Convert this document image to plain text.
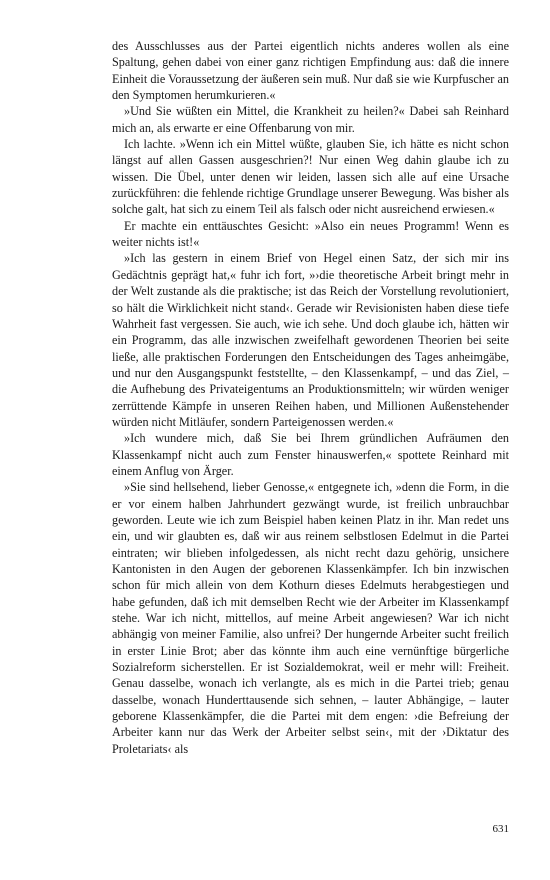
des Ausschlusses aus der Partei eigentlich nichts anderes wollen als eine Spaltung, gehen dabei von einer ganz richtigen Empfindung aus: daß die innere Einheit die Voraussetzung der äußeren sein muß. Nur daß sie wie Kurpfuscher an den Symptomen herumkurieren.«

»Und Sie wüßten ein Mittel, die Krankheit zu heilen?« Dabei sah Reinhard mich an, als erwarte er eine Offenbarung von mir.

Ich lachte. »Wenn ich ein Mittel wüßte, glauben Sie, ich hätte es nicht schon längst auf allen Gassen ausgeschrien?! Nur einen Weg dahin glaube ich zu wissen. Die Übel, unter denen wir leiden, lassen sich alle auf eine Ursache zurückführen: die fehlende richtige Grundlage unserer Bewegung. Was bisher als solche galt, hat sich zu einem Teil als falsch oder nicht ausreichend erwiesen.«

Er machte ein enttäuschtes Gesicht: »Also ein neues Programm! Wenn es weiter nichts ist!«

»Ich las gestern in einem Brief von Hegel einen Satz, der sich mir ins Gedächtnis geprägt hat,« fuhr ich fort, »›die theoretische Arbeit bringt mehr in der Welt zustande als die praktische; ist das Reich der Vorstellung revolutioniert, so hält die Wirklichkeit nicht stand‹. Gerade wir Revisionisten haben diese tiefe Wahrheit fast vergessen. Sie auch, wie ich sehe. Und doch glaube ich, hätten wir ein Programm, das alle inzwischen zweifelhaft gewordenen Theorien bei seite ließe, alle praktischen Forderungen den Entscheidungen des Tages anheimgäbe, und nur den Ausgangspunkt feststellte, – den Klassenkampf, – und das Ziel, – die Aufhebung des Privateigentums an Produktionsmitteln; wir würden weniger zerrüttende Kämpfe in unseren Reihen haben, und Millionen Außenstehender würden nicht Mitläufer, sondern Parteigenossen werden.«

»Ich wundere mich, daß Sie bei Ihrem gründlichen Aufräumen den Klassenkampf nicht auch zum Fenster hinauswerfen,« spottete Reinhard mit einem Anflug von Ärger.

»Sie sind hellsehend, lieber Genosse,« entgegnete ich, »denn die Form, in die er vor einem halben Jahrhundert gezwängt wurde, ist freilich unbrauchbar geworden. Leute wie ich zum Beispiel haben keinen Platz in ihr. Man redet uns ein, und wir glaubten es, daß wir aus reinem selbstlosen Edelmut in die Partei eintraten; wir blieben infolgedessen, als nicht recht dazu gehörig, unsichere Kantonisten in den Augen der geborenen Klassenkämpfer. Ich bin inzwischen schon für mich allein von dem Kothurn dieses Edelmuts herabgestiegen und habe gefunden, daß ich mit demselben Recht wie der Arbeiter im Klassenkampf stehe. War ich nicht, mittellos, auf meine Arbeit angewiesen? War ich nicht abhängig von meiner Familie, also unfrei? Der hungernde Arbeiter sucht freilich in erster Linie Brot; aber das könnte ihm auch eine vernünftige bürgerliche Sozialreform sicherstellen. Er ist Sozialdemokrat, weil er mehr will: Freiheit. Genau dasselbe, wonach ich verlangte, als es mich in die Partei trieb; genau dasselbe, wonach Hunderttausende sich sehnen, – lauter Abhängige, – lauter geborene Klassenkämpfer, die die Partei mit dem engen: ›die Befreiung der Arbeiter kann nur das Werk der Arbeiter selbst sein‹, mit der ›Diktatur des Proletariats‹ als

631
